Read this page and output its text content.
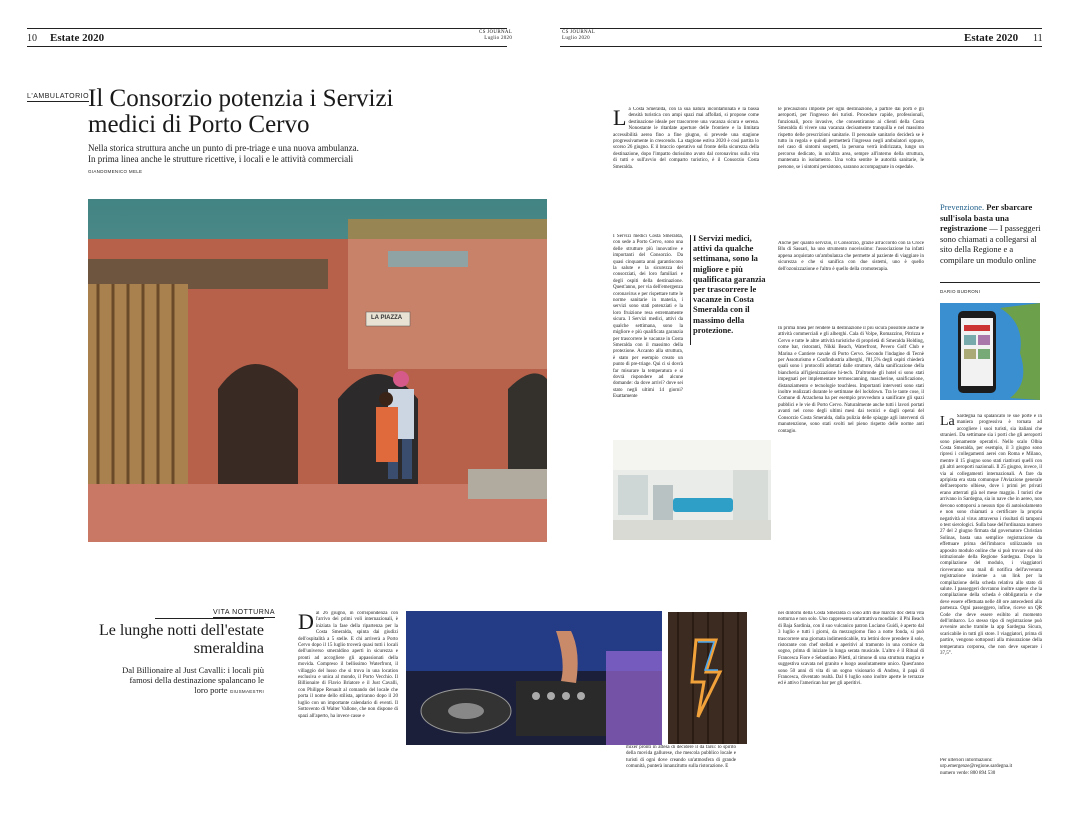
10 Estate 2020	CS JOURNAL
Luglio 2020
CS JOURNAL
Luglio 2020	Estate 2020 11
L'AMBULATORIO
Il Consorzio potenzia i Servizi medici di Porto Cervo
Nella storica struttura anche un punto di pre-triage e una nuova ambulanza. In prima linea anche le strutture ricettive, i locali e le attività commerciali GIANDOMENICO MELE
LA PIAZZA
La Costa Smeralda, con la sua natura incontaminata e la bassa densità turistica con ampi spazi mai affollati, si propone come destinazione ideale per trascorrere una vacanza sicura e serena. Nonostante le ritardate aperture delle frontiere e la limitata accessibilità aerea fino a fine giugno, si prevede una stagione progressivamente in crescendo. La stagione estiva 2020 è così partita lo scorso 26 giugno. E il braccio operativo sul fronte della sicurezza della destinazione, dopo l'impatto durissimo avuto dal coronavirus sulla vita di tutti e sull'avvio del comparto turistico, è il Consorzio Costa Smeralda.
I Servizi medici Costa Smeralda, con sede a Porto Cervo, sono una delle strutture più innovative e importanti del Consorzio. Da quasi cinquanta anni garantiscono la salute e la sicurezza dei consorziati, dei loro familiari e degli ospiti della destinazione. Quest'anno, per via dell'emergenza coronavirus e per rispettare tutte le norme sanitarie in materia, i servizi sono stati potenziati e la loro fruizione resa estremamente sicura. I Servizi medici, attivi da qualche settimana, sono la migliore e più qualificata garanzia per trascorrere le vacanze in Costa Smeralda con il massimo della protezione. Accanto alla struttura, è stato per esempio creato un punto di pre-triage. Qui ci si dovrà far misurare la temperatura e si dovrà rispondere ad alcune domande: da dove arrivi? dove sei stato negli ultimi 14 giorni? Esattamente
I Servizi medici, attivi da qualche settimana, sono la migliore e più qualificata garanzia per trascorrere le vacanze in Costa Smeralda con il massimo della protezione.
le precauzioni imposte per ogni destinazione, a partire dai porti e gli aeroporti, per l'ingresso dei turisti. Procedure rapide, professionali, funzionali, poco invasive, che consentiranno ai clienti della Costa Smeralda di vivere una vacanza decisamente tranquilla e nel massimo rispetto delle prescrizioni sanitarie. Il personale sanitario deciderà se è tutto in regola e quindi permetterà l'ingresso negli ambulatori oppure, nel caso di sintomi sospetti, la persona verrà indirizzata, lungo un percorso dedicato, in un'altra area, sempre all'interno della struttura, mantenuta in isolamento. Una volta sentite le autorità sanitarie, le persone, se i sintomi persistono, saranno accompagnate in ospedale.
Anche per quanto servizio, il Consorzio, grazie all'accordo con la Croce Blu di Sassari, ha uno strumento nuovissimo: l'associazione ha infatti appena acquistato un'ambulanza che permette al paziente di viaggiare in sicurezza e che si sanifica con due sistemi, uno è quello dell'ozonizzazione e l'altro è quello della cromoterapia.
In prima linea per rendere la destinazione il più sicura possibile anche le attività commerciali e gli alberghi. Cala di Volpe, Romazzino, Pitrizza e Cervo e tutte le altre attività turistiche di proprietà di Smeralda Holding, come bar, ristoranti, Nikki Beach, Waterfront, Pevero Golf Club e Marina e Cantiere navale di Porto Cervo. Secondo l'indagine di Tecnè per Assoturismo e Confindustria alberghi, l'81,5% degli ospiti chiederà quali sono i protocolli adottati dalle strutture, dalla sanificazione della biancheria all'igienizzazione hi-tech. D'altronde gli hotel si sono stati impegnati per implementare termoscanning, mascherine, sanificazione, distanziamento e tecnologie touchless. Importanti interventi sono stati inoltre realizzati durante le settimane del lockdown. Tra le tante cose, il Comune di Arzachena ha per esempio provveduto a sanificare gli spazi pubblici e le vie di Porto Cervo. Naturalmente anche tutti i lavori portati avanti nel corso degli ultimi mesi dai tecnici e dagli operai del Consorzio Costa Smeralda, dalla pulizia delle spiagge agli interventi di manutenzione, sono stati svolti nel pieno rispetto delle norme anti contagio.
VITA NOTTURNA
Le lunghe notti dell'estate smeraldina
Dal Billionaire al Just Cavalli: i locali più famosi della destinazione spalancano le loro porte GIUSMAESTRI
Dal 26 giugno, in corrispondenza con l'arrivo dei primi voli internazionali, è iniziata la fase della ripartenza per la Costa Smeralda, spinta dai giudizi dell'ospitalità a 5 stelle. E chi arriverà a Porto Cervo dopo il 15 luglio troverà quasi tutti i locali dell'universo smeraldino aperti in sicurezza e pronti ad accogliere gli appassionati della movida. Compreso il bellissimo Waterfront, il villaggio del lusso che si trova in una location esclusiva e unica al mondo, il Porto Vecchio. Il Billionaire di Flavio Briatore e il Just Cavalli, con Philippe Renault al comando del locale che porta il nome dello stilista, apriranno dopo il 20 luglio con un importante calendario di eventi. Il Sottovento di Walter Vallone, che non dispone di spazi all'aperto, ha invece casse e
mixer pronti in attesa di decidere il da farsi: lo spirito della movida gallurese, che mescola pubblico locale e turisti di ogni dove creando un'atmosfera di grande comunità, punterà innanzitutto sulla ristorazione. E
nei dintorni della Costa Smeralda ci sono altri due marchi doc della vita notturna e non solo. Uno rappresenta un'attrattiva mondiale: il Phi Beach di Baja Sardinia, con il suo vulcanico patron Luciano Guidi, è aperto dal 3 luglio e tutti i giorni, da mezzogiorno fino a notte fonda, si può trascorrere una giornata indimenticabile, tra lettini dove prendere il sole, ristorante con chef stellati e aperitivi al tramonto in una cornice da sogno, prima di iniziare la lunga serata musicale. L'altro è il Ritual di Francesca Fiore e Sebastiano Piletti, al timone di una struttura magica e suggestiva scavata nel granito e luogo assolutamente unico. Quest'anno sono 50 anni di vita di un sogno visionario di Andrea, il papà di Francesca, diventato realtà. Dal 6 luglio sono inoltre aperte le terrazze ed è attivo l'american bar per gli aperitivi.
Prevenzione. Per sbarcare sull'isola basta una registrazione — I passeggeri sono chiamati a collegarsi al sito della Regione e a compilare un modulo online
DARIO BUDRONI
La Sardegna ha spalancato le sue porte e in maniera progressiva è tornata ad accogliere i suoi turisti, sia italiani che stranieri. Da settimane sia i porti che gli aeroporti sono pienamente operativi. Nello scalo Olbia Costa Smeralda, per esempio, il 3 giugno sono ripresi i collegamenti aerei con Roma e Milano, mentre il 15 giugno sono stati riattivati quelli con gli altri aeroporti nazionali. Il 25 giugno, invece, il via ai collegamenti internazionali. A fare da apripista era stata comunque l'Aviazione generale dell'aeroporto olbiese, dove i primi jet privati erano atterrati già nel mese maggio. I turisti che arrivano in Sardegna, sia in nave che in aereo, non devono sottoporsi a nessun tipo di autoisolamento e non sono chiamati a certificare la propria negatività al virus attraverso i risultati di tamponi o test sierologici. Sulla base dell'ordinanza numero 27 del 2 giugno firmata dal governatore Christian Solinas, basta una semplice registrazione da effettuare prima dell'imbarco utilizzando un apposito modulo online che si può trovare sul sito istituzionale della Regione Sardegna. Dopo la compilazione del modulo, i viaggiatori riceveranno una mail di notifica dell'avvenuta registrazione insieme a un link per la compilazione della scheda relativa allo stato di salute. I passeggeri dovranno inoltre sapere che la compilazione della scheda è obbligatoria e che deve essere effettuata nelle 48 ore antecedenti alla partenza. Ogni passeggero, infine, riceve un QR Code che deve essere esibito al momento dell'imbarco. Lo stesso tipo di registrazione può avvenire anche tramite la app Sardegna Sicura, scaricabile in tutti gli store. I viaggiatori, prima di partire, vengono sottoposti alla misurazione della temperatura corporea, che non deve superare i 37,5°.
Per ulteriori informazioni:
urp.emergenze@regione.sardegna.it
numero verde: 800 894 530
